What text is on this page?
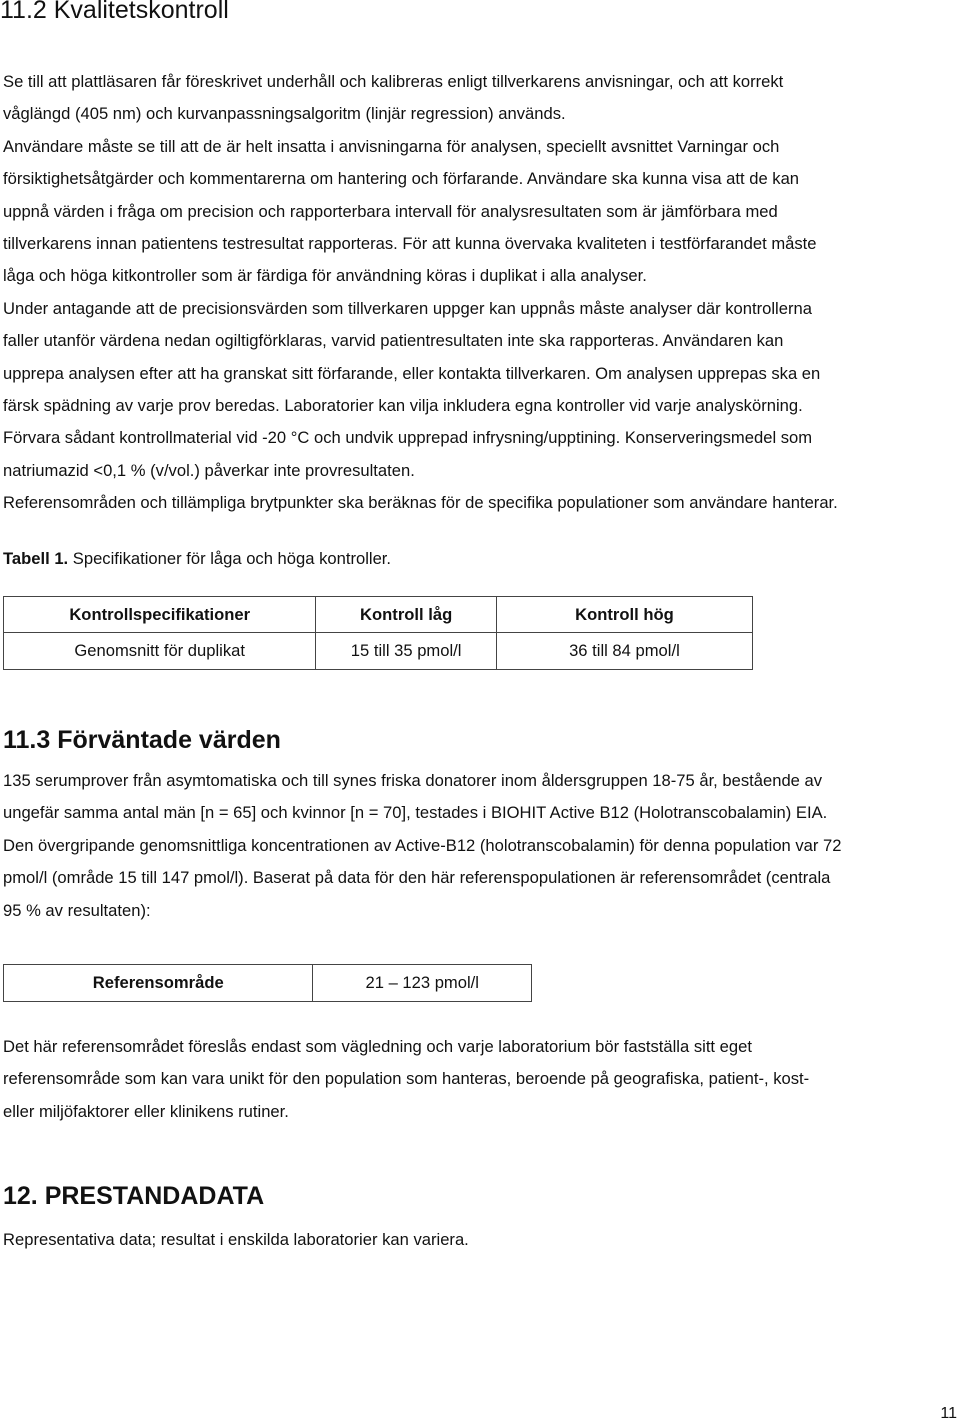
11.2 Kvalitetskontroll

Se till att plattläsaren får föreskrivet underhåll och kalibreras enligt tillverkarens anvisningar, och att korrekt
våglängd (405 nm) och kurvanpassningsalgoritm (linjär regression) används.
Användare måste se till att de är helt insatta i anvisningarna för analysen, speciellt avsnittet Varningar och
försiktighetsåtgärder och kommentarerna om hantering och förfarande. Användare ska kunna visa att de kan
uppnå värden i fråga om precision och rapporterbara intervall för analysresultaten som är jämförbara med
tillverkarens innan patientens testresultat rapporteras. För att kunna övervaka kvaliteten i testförfarandet måste
låga och höga kitkontroller som är färdiga för användning köras i duplikat i alla analyser.
Under antagande att de precisionsvärden som tillverkaren uppger kan uppnås måste analyser där kontrollerna
faller utanför värdena nedan ogiltigförklaras, varvid patientresultaten inte ska rapporteras. Användaren kan
upprepa analysen efter att ha granskat sitt förfarande, eller kontakta tillverkaren. Om analysen upprepas ska en
färsk spädning av varje prov beredas. Laboratorier kan vilja inkludera egna kontroller vid varje analyskörning.
Förvara sådant kontrollmaterial vid -20 °C och undvik upprepad infrysning/upptining. Konserveringsmedel som
natriumazid <0,1 % (v/vol.) påverkar inte provresultaten.
Referensområden och tillämpliga brytpunkter ska beräknas för de specifika populationer som användare hanterar.

Tabell 1. Specifikationer för låga och höga kontroller.
Kontrollspecifikationer	Kontroll låg	Kontroll hög
Genomsnitt för duplikat	15 till 35 pmol/l	36 till 84 pmol/l
11.3 Förväntade värden

135 serumprover från asymtomatiska och till synes friska donatorer inom åldersgruppen 18-75 år, bestående av
ungefär samma antal män [n = 65] och kvinnor [n = 70], testades i BIOHIT Active B12 (Holotranscobalamin) EIA.
Den övergripande genomsnittliga koncentrationen av Active-B12 (holotranscobalamin) för denna population var 72
pmol/l (område 15 till 147 pmol/l). Baserat på data för den här referenspopulationen är referensområdet (centrala
95 % av resultaten):

Referensområde	21 – 123 pmol/l

Det här referensområdet föreslås endast som vägledning och varje laboratorium bör fastställa sitt eget
referensområde som kan vara unikt för den population som hanteras, beroende på geografiska, patient-, kost-
eller miljöfaktorer eller klinikens rutiner.

12. PRESTANDADATA

Representativa data; resultat i enskilda laboratorier kan variera.

11
